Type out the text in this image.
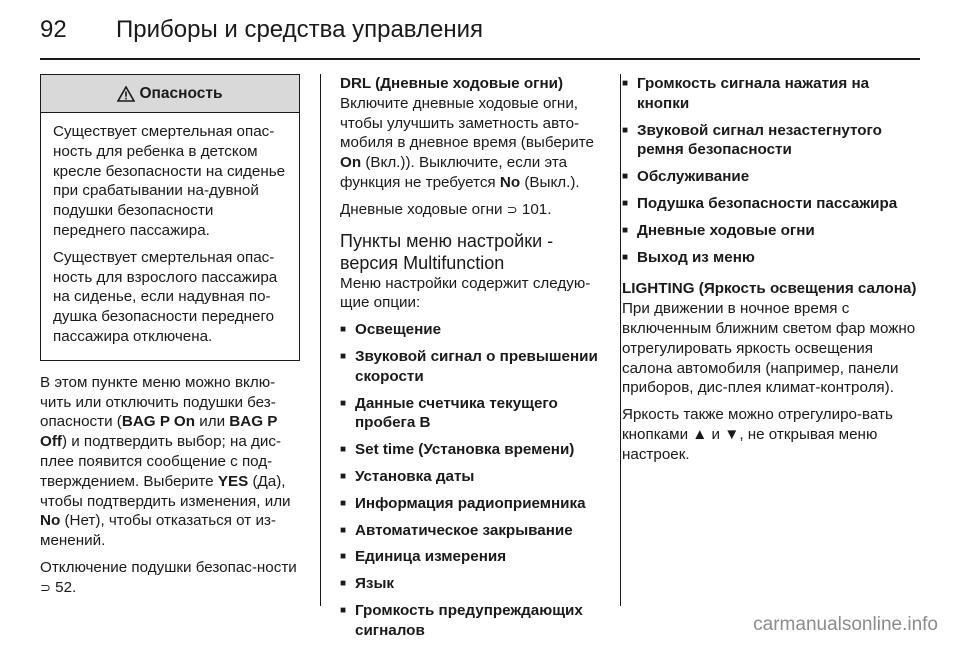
92 Приборы и средства управления
Опасность

Существует смертельная опас-ность для ребенка в детском кресле безопасности на сиденье при срабатывании на-дувной подушки безопасности переднего пассажира.

Существует смертельная опас-ность для взрослого пассажира на сиденье, если надувная по-душка безопасности переднего пассажира отключена.

В этом пункте меню можно вклю-чить или отключить подушки без-опасности (BAG P On или BAG P Off) и подтвердить выбор; на дис-плее появится сообщение с под-тверждением. Выберите YES (Да), чтобы подтвердить изменения, или No (Нет), чтобы отказаться от из-менений.

Отключение подушки безопас-ности ⊃ 52.

DRL (Дневные ходовые огни)

Включите дневные ходовые огни, чтобы улучшить заметность авто-мобиля в дневное время (выберите On (Вкл.)). Выключите, если эта функция не требуется No (Выкл.).

Дневные ходовые огни ⊃ 101.

Пункты меню настройки - версия Multifunction

Меню настройки содержит следую-щие опции:

■ Освещение
■ Звуковой сигнал о превышении скорости
■ Данные счетчика текущего пробега B
■ Set time (Установка времени)
■ Установка даты
■ Информация радиоприемника
■ Автоматическое закрывание
■ Единица измерения
■ Язык
■ Громкость предупреждающих сигналов
■ Громкость сигнала нажатия на кнопки
■ Звуковой сигнал незастегнутого ремня безопасности
■ Обслуживание
■ Подушка безопасности пассажира
■ Дневные ходовые огни
■ Выход из меню
LIGHTING (Яркость освещения салона)

При движении в ночное время с включенным ближним светом фар можно отрегулировать яркость освещения салона автомобиля (например, панели приборов, дис-плея климат-контроля).

Яркость также можно отрегулиро-вать кнопками ▲ и ▼, не открывая меню настроек.

carmanualsonline.info
